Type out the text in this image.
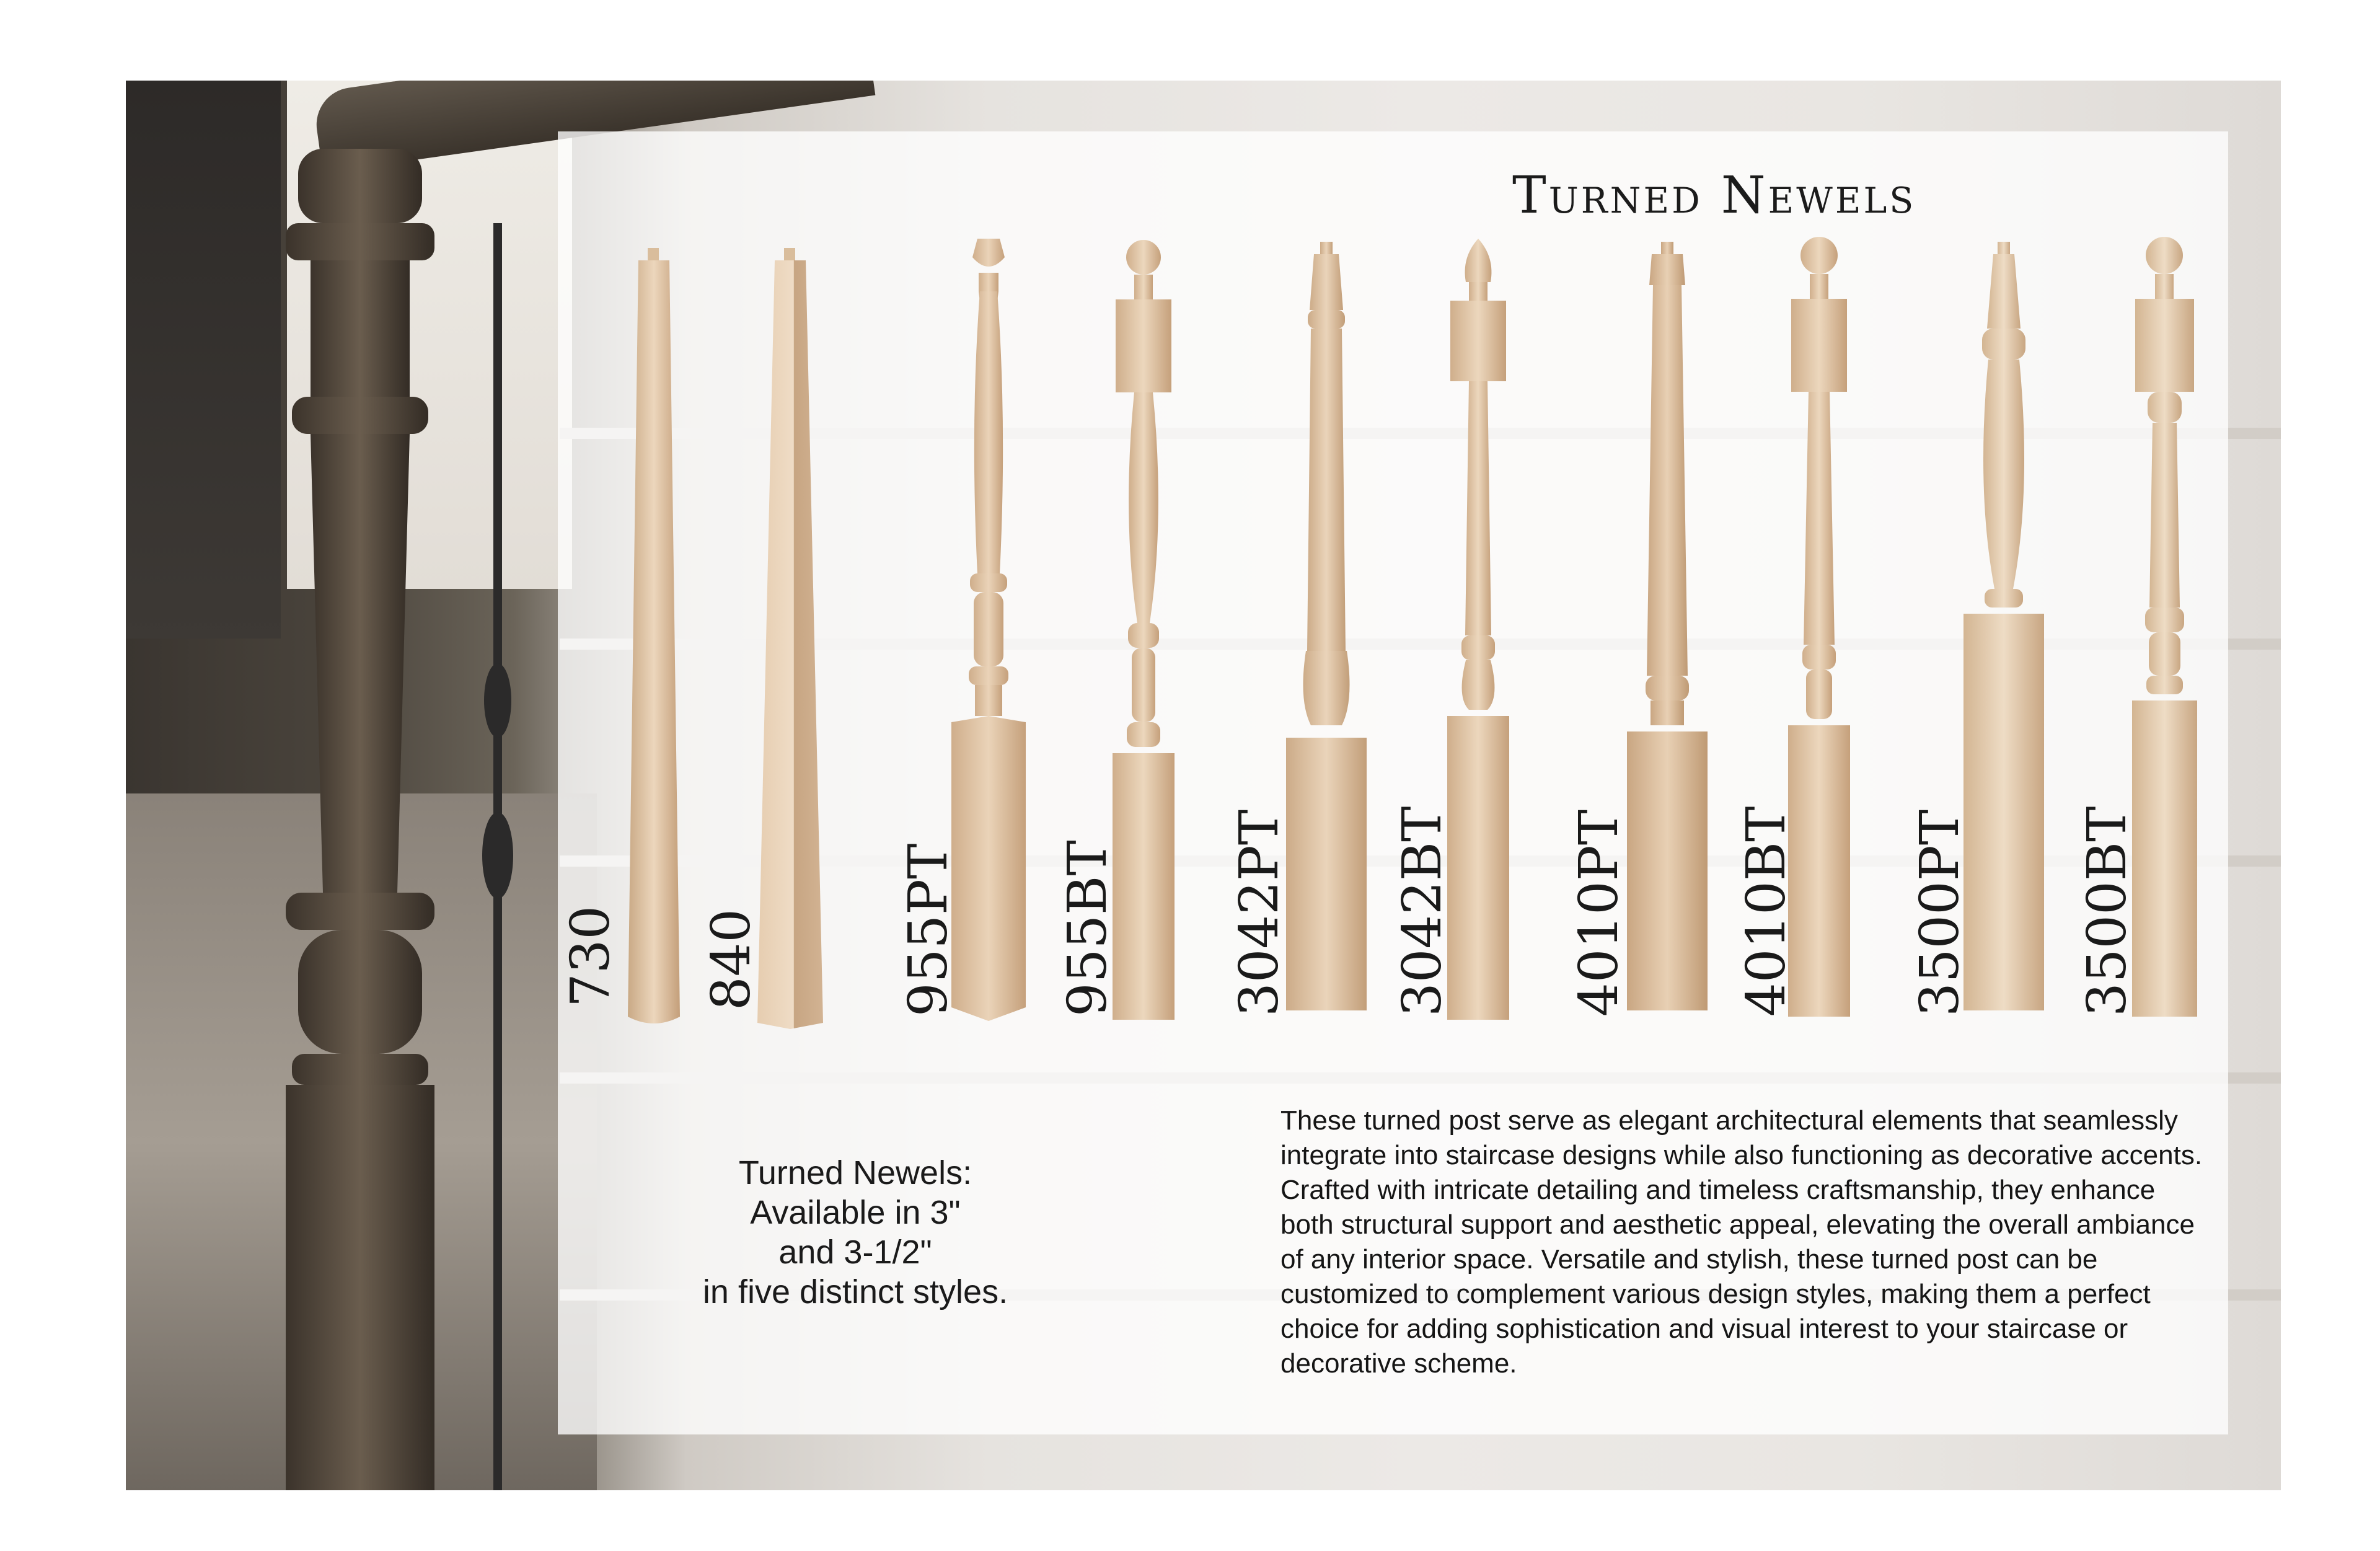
Turned Newels
730 840	955PT 955BT 3042PT 3042BT 4010PT 4010BT 3500PT 3500BT
Turned Newels:
Available in 3"
and 3-1/2"
in five distinct styles.
These turned post serve as elegant architectural elements that seamlessly integrate into staircase designs while also functioning as decorative accents. Crafted with intricate detailing and timeless craftsmanship, they enhance both structural support and aesthetic appeal, elevating the overall ambiance of any interior space. Versatile and stylish, these turned post can be customized to complement various design styles, making them a perfect choice for adding sophistication and visual interest to your staircase or decorative scheme.
